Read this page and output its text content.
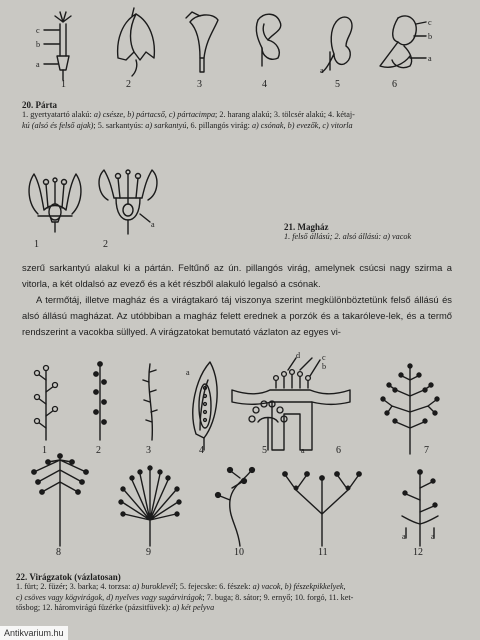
c
b
a
a
c
b
a
1	2	3	4	5	6
20. Párta
1. gyertyatartó alakú: a) csésze, b) pártacső, c) pártacimpa; 2. harang alakú; 3. tölcsér alakú; 4. kétaj-
kú (alsó és felső ajak); 5. sarkantyús: a) sarkantyú, 6. pillangós virág: a) csónak, b) evezők, c) vitorla
a
1	2
21. Magház
1. felső állású; 2. alsó állású: a) vacok

szerű sarkantyú alakul ki a pártán. Feltűnő az ún. pillangós virág, amelynek csúcsi nagy szirma a vitorla, a két oldalsó az evező és a két részből alakuló legalsó a csónak.

A termőtáj, illetve magház és a virágtakaró táj viszonya szerint megkülönböztetünk felső állású és alsó állású magházat. Az utóbbiban a magház felett erednek a porzók és a takaróleve-lek, és a termő rendszerint a vacokba süllyed. A virágzatokat bemutató vázlaton az egyes vi-

a
c
b
d
a
a	a
1	2	3	4	5	6	7
8	9	10	11	12
22. Virágzatok (vázlatosan)
1. fürt; 2. füzér; 3. barka; 4. torzsa: a) buroklevél; 5. fejecske: 6. fészek: a) vacok, b) fészekpikkelyek,
c) csöves vagy kögvirágok, d) nyelves vagy sugárvirágok; 7. buga; 8. sátor; 9. ernyő; 10. forgó, 11. ket-
tősbog; 12. háromvirágú füzérke (pázsitfüvek): a) két pelyva
Antikvarium.hu
